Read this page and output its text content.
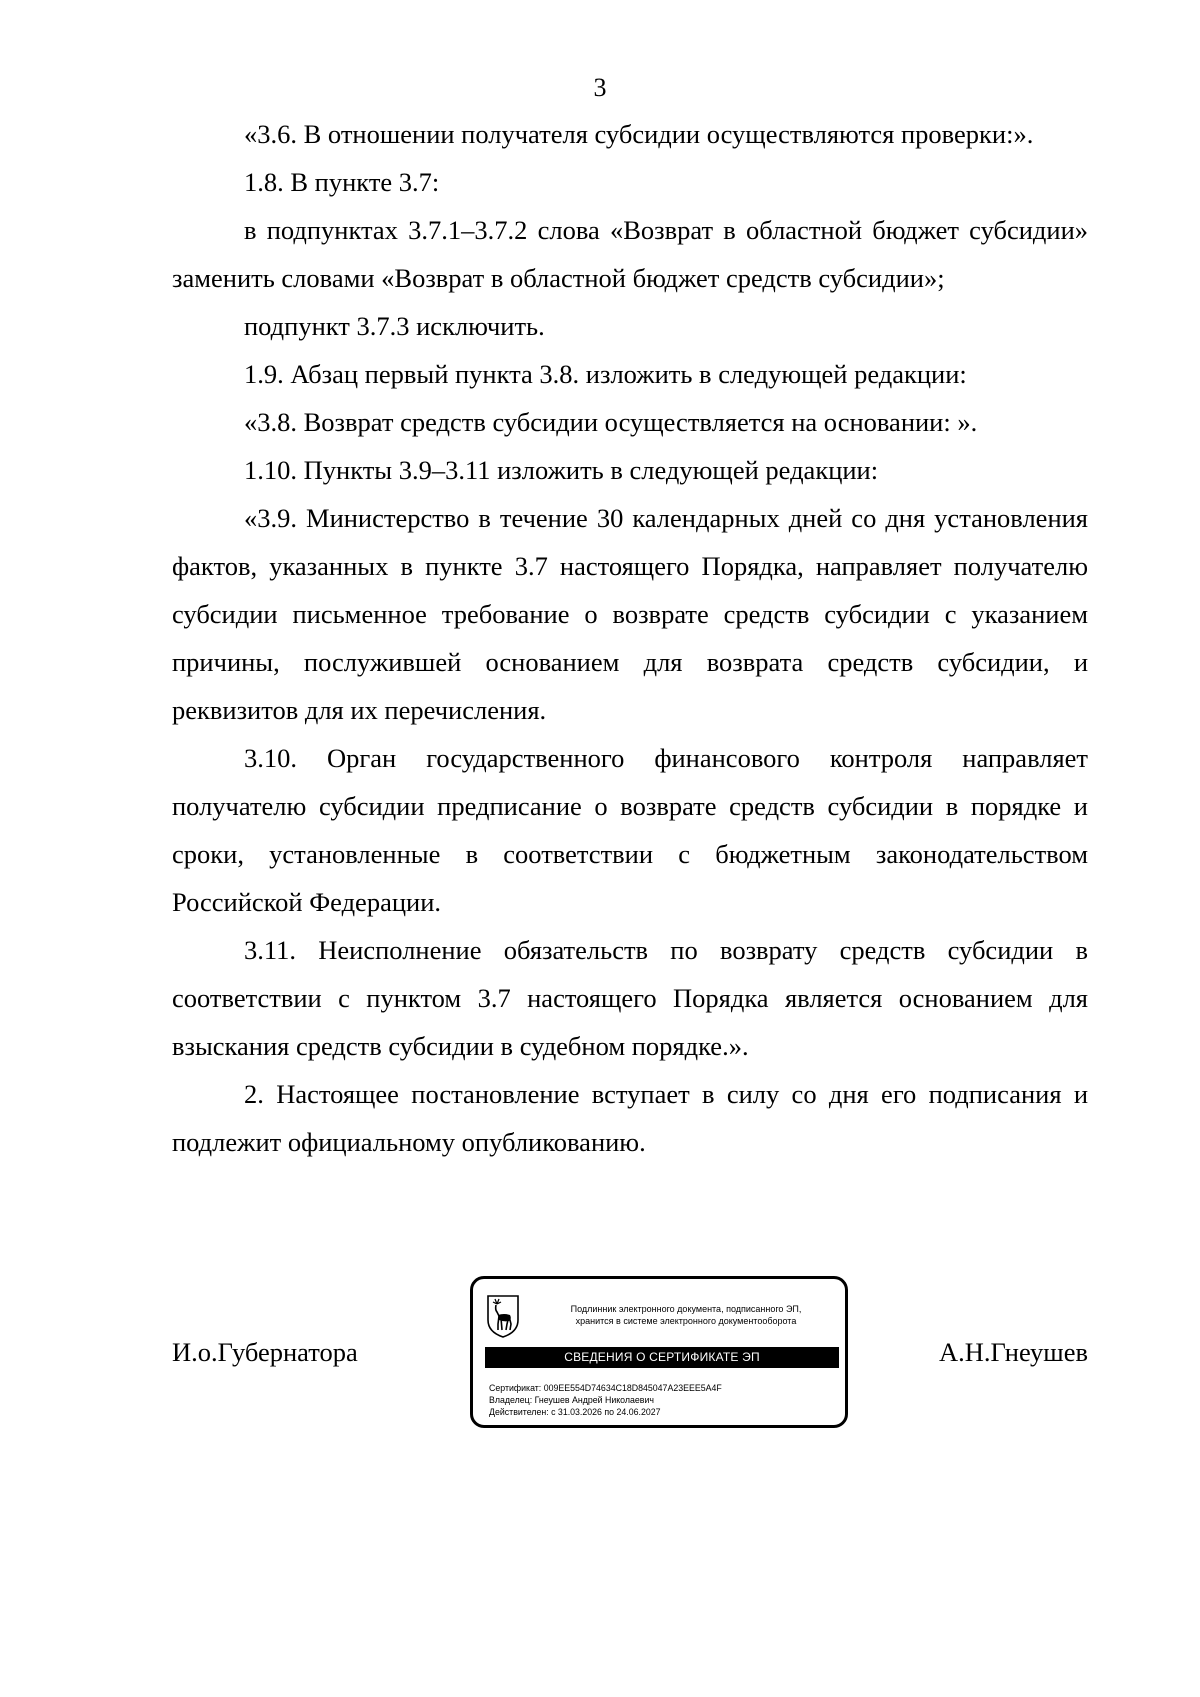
3

«3.6. В отношении получателя субсидии осуществляются проверки:».

1.8. В пункте 3.7:

в подпунктах 3.7.1–3.7.2 слова «Возврат в областной бюджет субсидии» заменить словами «Возврат в областной бюджет средств субсидии»;

подпункт 3.7.3 исключить.

1.9. Абзац первый пункта 3.8. изложить в следующей редакции:

«3.8. Возврат средств субсидии осуществляется на основании: ».

1.10. Пункты 3.9–3.11 изложить в следующей редакции:

«3.9. Министерство в течение 30 календарных дней со дня установления фактов, указанных в пункте 3.7 настоящего Порядка, направляет получателю субсидии письменное требование о возврате средств субсидии с указанием причины, послужившей основанием для возврата средств субсидии, и реквизитов для их перечисления.

3.10. Орган государственного финансового контроля направляет получателю субсидии предписание о возврате средств субсидии в порядке и сроки, установленные в соответствии с бюджетным законодательством Российской Федерации.

3.11. Неисполнение обязательств по возврату средств субсидии в соответствии с пунктом 3.7 настоящего Порядка является основанием для взыскания средств субсидии в судебном порядке.».

2. Настоящее постановление вступает в силу со дня его подписания и подлежит официальному опубликованию.

И.о.Губернатора
Подлинник электронного документа, подписанного ЭП,
хранится в системе электронного документооборота
СВЕДЕНИЯ О СЕРТИФИКАТЕ ЭП
Сертификат: 009EE554D74634C18D845047A23EEE5A4F
Владелец: Гнеушев Андрей Николаевич
Действителен: с 31.03.2026 по 24.06.2027
А.Н.Гнеушев
